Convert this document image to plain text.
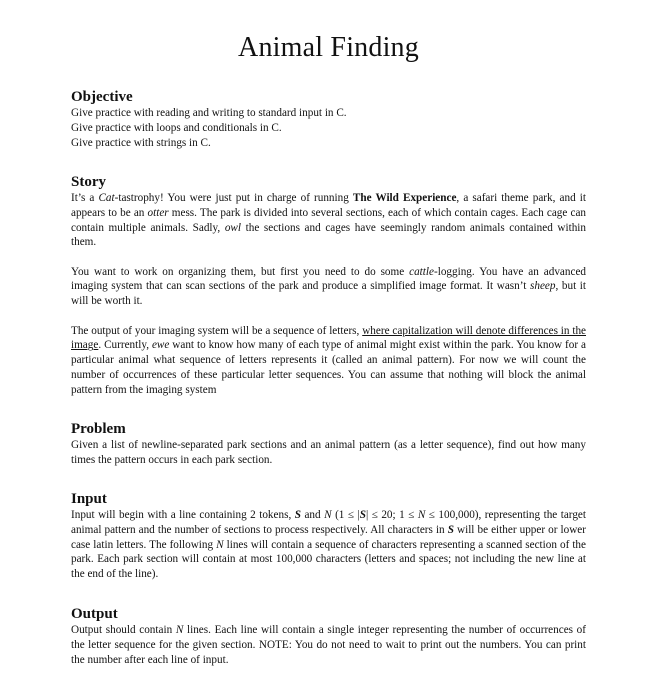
Animal Finding
Objective

Give practice with reading and writing to standard input in C.

Give practice with loops and conditionals in C.

Give practice with strings in C.

Story

It’s a Cat-tastrophy! You were just put in charge of running The Wild Experience, a safari theme park, and it appears to be an otter mess. The park is divided into several sections, each of which contain cages. Each cage can contain multiple animals. Sadly, owl the sections and cages have seemingly random animals contained within them.

You want to work on organizing them, but first you need to do some cattle-logging. You have an advanced imaging system that can scan sections of the park and produce a simplified image format. It wasn’t sheep, but it will be worth it.

The output of your imaging system will be a sequence of letters, where capitalization will denote differences in the image. Currently, ewe want to know how many of each type of animal might exist within the park. You know for a particular animal what sequence of letters represents it (called an animal pattern). For now we will count the number of occurrences of these particular letter sequences. You can assume that nothing will block the animal pattern from the imaging system

Problem

Given a list of newline-separated park sections and an animal pattern (as a letter sequence), find out how many times the pattern occurs in each park section.

Input

Input will begin with a line containing 2 tokens, S and N (1 ≤ |S| ≤ 20; 1 ≤ N ≤ 100,000), representing the target animal pattern and the number of sections to process respectively. All characters in S will be either upper or lower case latin letters. The following N lines will contain a sequence of characters representing a scanned section of the park. Each park section will contain at most 100,000 characters (letters and spaces; not including the new line at the end of the line).

Output

Output should contain N lines. Each line will contain a single integer representing the number of occurrences of the letter sequence for the given section. NOTE: You do not need to wait to print out the numbers. You can print the number after each line of input.
